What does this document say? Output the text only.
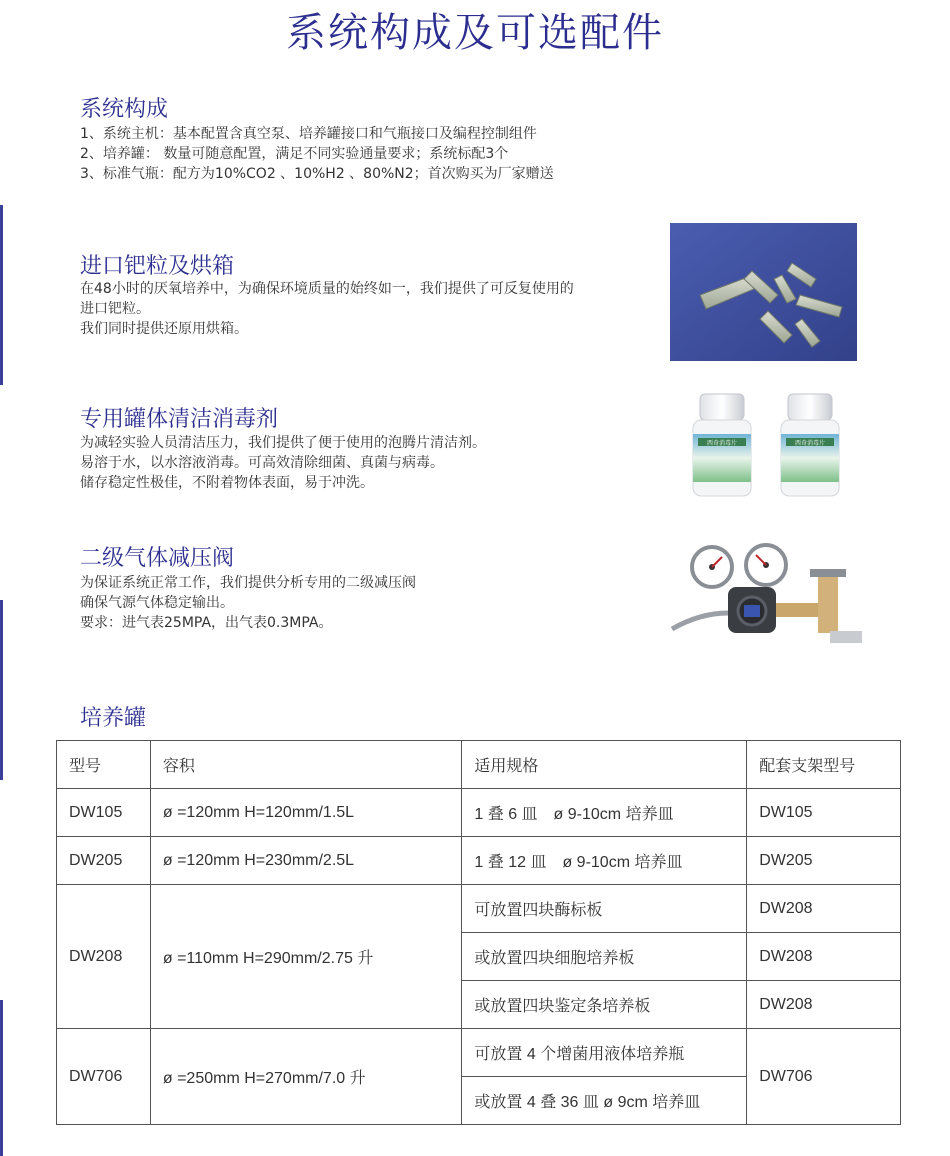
系统构成及可选配件
系统构成
1、系统主机：基本配置含真空泵、培养罐接口和气瓶接口及编程控制组件
2、培养罐： 数量可随意配置，满足不同实验通量要求；系统标配3个
3、标准气瓶：配方为10%CO2 、10%H2 、80%N2；首次购买为厂家赠送
进口钯粒及烘箱
在48小时的厌氧培养中，为确保环境质量的始终如一，我们提供了可反复使用的
进口钯粒。
我们同时提供还原用烘箱。
专用罐体清洁消毒剂
为减轻实验人员清洁压力，我们提供了便于使用的泡腾片清洁剂。
易溶于水，以水溶液消毒。可高效清除细菌、真菌与病毒。
储存稳定性极佳，不附着物体表面，易于冲洗。
西奇消毒片	西奇消毒片
二级气体减压阀
为保证系统正常工作，我们提供分析专用的二级减压阀
确保气源气体稳定输出。
要求：进气表25MPA，出气表0.3MPA。
培养罐
型号	容积	适用规格	配套支架型号
DW105	ø =120mm H=120mm/1.5L	1 叠 6 皿　ø 9-10cm 培养皿	DW105
DW205	ø =120mm H=230mm/2.5L	1 叠 12 皿　ø 9-10cm 培养皿	DW205
DW208	ø =110mm H=290mm/2.75 升	可放置四块酶标板	DW208
		或放置四块细胞培养板	DW208
		或放置四块鉴定条培养板	DW208
DW706	ø =250mm H=270mm/7.0 升	可放置 4 个增菌用液体培养瓶	DW706
		或放置 4 叠 36 皿 ø 9cm 培养皿	
